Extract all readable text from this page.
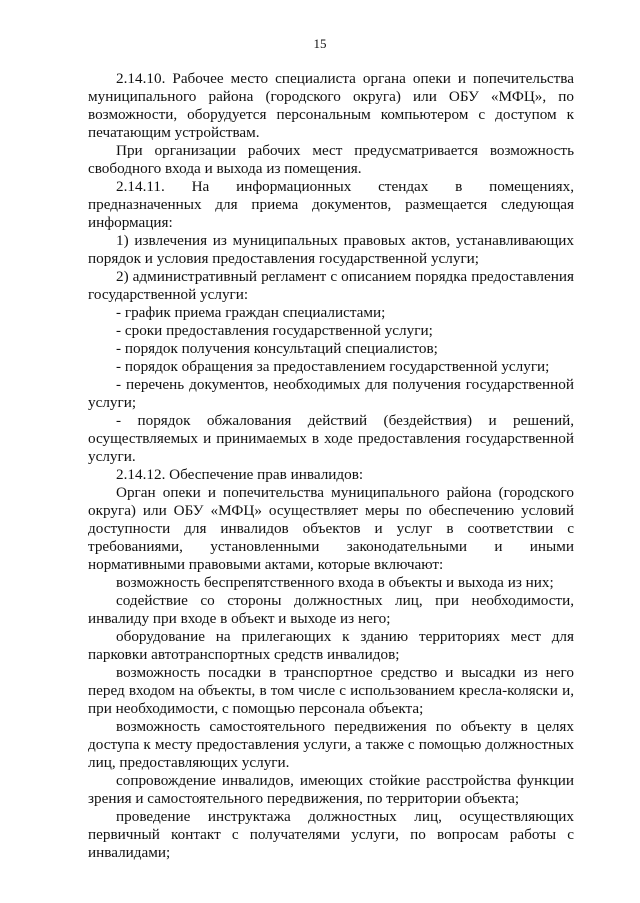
15

2.14.10. Рабочее место специалиста органа опеки и попечительства муниципального района (городского округа) или ОБУ «МФЦ», по возможности, оборудуется персональным компьютером с доступом к печатающим устройствам.

При организации рабочих мест предусматривается возможность свободного входа и выхода из помещения.

2.14.11. На информационных стендах в помещениях, предназначенных для приема документов, размещается следующая информация:

1) извлечения из муниципальных правовых актов, устанавливающих порядок и условия предоставления государственной услуги;

2) административный регламент с описанием порядка предоставления государственной услуги:

- график приема граждан специалистами;

- сроки предоставления государственной услуги;

- порядок получения консультаций специалистов;

- порядок обращения за предоставлением государственной услуги;

- перечень документов, необходимых для получения государственной услуги;

- порядок обжалования действий (бездействия) и решений, осуществляемых и принимаемых в ходе предоставления государственной услуги.

2.14.12. Обеспечение прав инвалидов:

Орган опеки и попечительства муниципального района (городского округа) или ОБУ «МФЦ» осуществляет меры по обеспечению условий доступности для инвалидов объектов и услуг в соответствии с требованиями, установленными законодательными и иными нормативными правовыми актами, которые включают:

возможность беспрепятственного входа в объекты и выхода из них;

содействие со стороны должностных лиц, при необходимости, инвалиду при входе в объект и выходе из него;

оборудование на прилегающих к зданию территориях мест для парковки автотранспортных средств инвалидов;

возможность посадки в транспортное средство и высадки из него перед входом на объекты, в том числе с использованием кресла-коляски и, при необходимости, с помощью персонала объекта;

возможность самостоятельного передвижения по объекту в целях доступа к месту предоставления услуги, а также с помощью должностных лиц, предоставляющих услуги.

сопровождение инвалидов, имеющих стойкие расстройства функции зрения и самостоятельного передвижения, по территории объекта;

проведение инструктажа должностных лиц, осуществляющих первичный контакт с получателями услуги, по вопросам работы с инвалидами;
